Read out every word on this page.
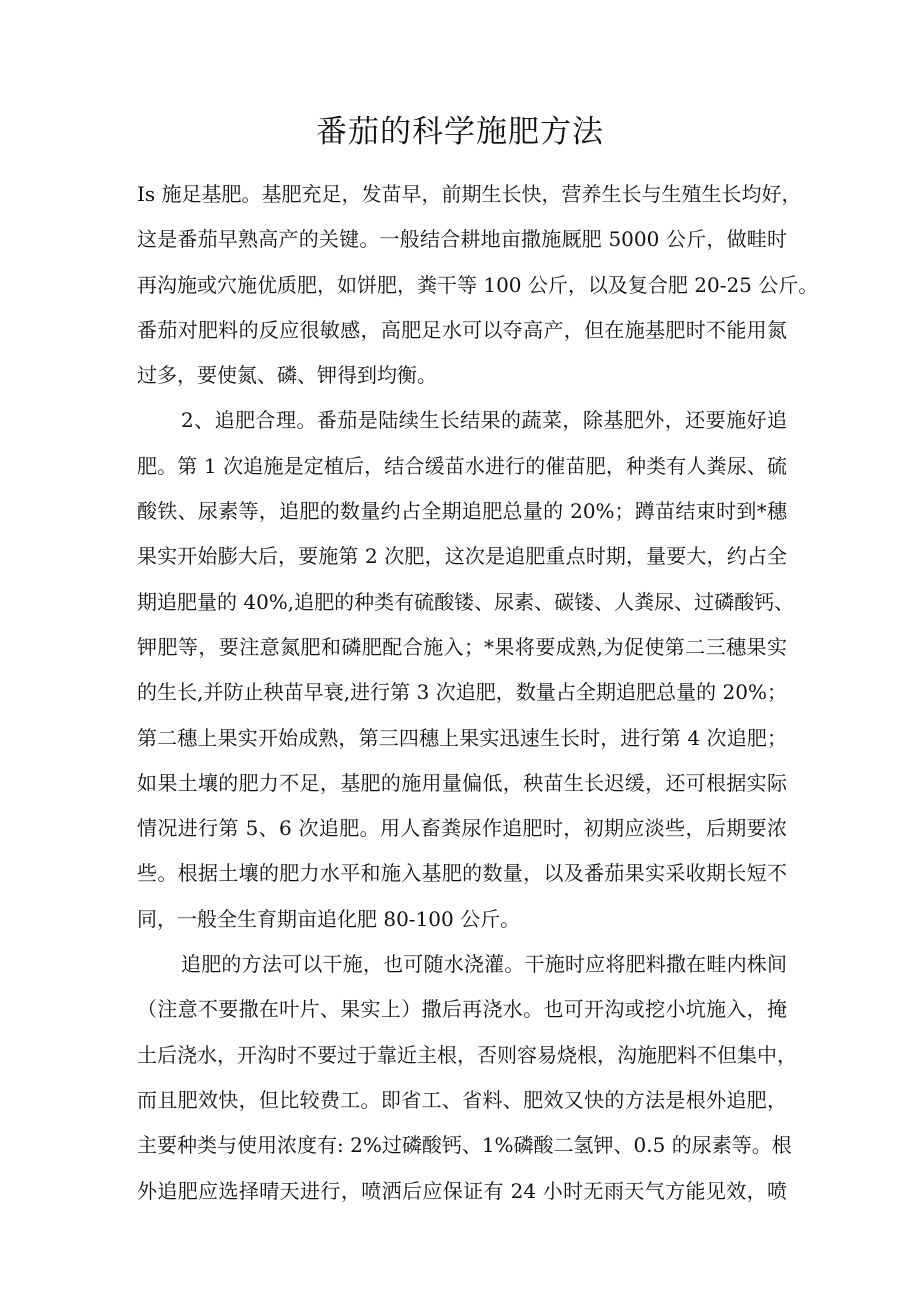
番茄的科学施肥方法
Is 施足基肥。基肥充足，发苗早，前期生长快，营养生长与生殖生长均好，
这是番茄早熟高产的关键。一般结合耕地亩撒施厩肥 5000 公斤，做畦时
再沟施或穴施优质肥，如饼肥，粪干等 100 公斤，以及复合肥 20-25 公斤。
番茄对肥料的反应很敏感，高肥足水可以夺高产，但在施基肥时不能用氮
过多，要使氮、磷、钾得到均衡。
2、追肥合理。番茄是陆续生长结果的蔬菜，除基肥外，还要施好追
肥。第 1 次追施是定植后，结合缓苗水进行的催苗肥，种类有人粪尿、硫
酸铁、尿素等，追肥的数量约占全期追肥总量的 20%；蹲苗结束时到*穗
果实开始膨大后，要施第 2 次肥，这次是追肥重点时期，量要大，约占全
期追肥量的 40%,追肥的种类有硫酸镂、尿素、碳镂、人粪尿、过磷酸钙、
钾肥等，要注意氮肥和磷肥配合施入；*果将要成熟,为促使第二三穗果实
的生长,并防止秧苗早衰,进行第 3 次追肥，数量占全期追肥总量的 20%；
第二穗上果实开始成熟，第三四穗上果实迅速生长时，进行第 4 次追肥；
如果土壤的肥力不足，基肥的施用量偏低，秧苗生长迟缓，还可根据实际
情况进行第 5、6 次追肥。用人畜粪尿作追肥时，初期应淡些，后期要浓
些。根据土壤的肥力水平和施入基肥的数量，以及番茄果实采收期长短不
同，一般全生育期亩追化肥 80-100 公斤。
追肥的方法可以干施，也可随水浇灌。干施时应将肥料撒在畦内株间
（注意不要撒在叶片、果实上）撒后再浇水。也可开沟或挖小坑施入，掩
土后浇水，开沟时不要过于靠近主根，否则容易烧根，沟施肥料不但集中，
而且肥效快，但比较费工。即省工、省料、肥效又快的方法是根外追肥，
主要种类与使用浓度有: 2%过磷酸钙、1%磷酸二氢钾、0.5 的尿素等。根
外追肥应选择晴天进行，喷洒后应保证有 24 小时无雨天气方能见效，喷
